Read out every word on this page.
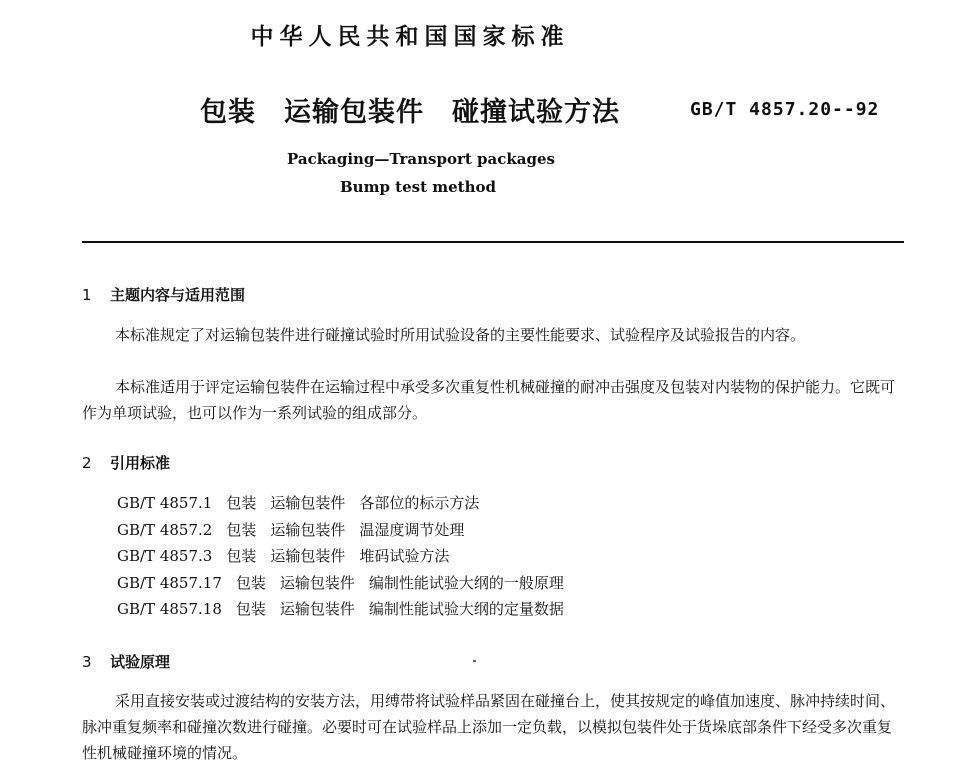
中华人民共和国国家标准
包装　运输包装件　碰撞试验方法	GB/T 4857.20--92
Packaging—Transport packages
Bump test method
1 主题内容与适用范围
本标准规定了对运输包装件进行碰撞试验时所用试验设备的主要性能要求、试验程序及试验报告的内容。
本标准适用于评定运输包装件在运输过程中承受多次重复性机械碰撞的耐冲击强度及包装对内装物的保护能力。它既可作为单项试验，也可以作为一系列试验的组成部分。
2 引用标准
GB/T 4857.1 包装 运输包装件 各部位的标示方法
GB/T 4857.2 包装 运输包装件 温湿度调节处理
GB/T 4857.3 包装 运输包装件 堆码试验方法
GB/T 4857.17 包装 运输包装件 编制性能试验大纲的一般原理
GB/T 4857.18 包装 运输包装件 编制性能试验大纲的定量数据
3 试验原理
采用直接安装或过渡结构的安装方法，用缚带将试验样品紧固在碰撞台上，使其按规定的峰值加速度、脉冲持续时间、脉冲重复频率和碰撞次数进行碰撞。必要时可在试验样品上添加一定负载，以模拟包装件处于货垛底部条件下经受多次重复性机械碰撞环境的情况。
